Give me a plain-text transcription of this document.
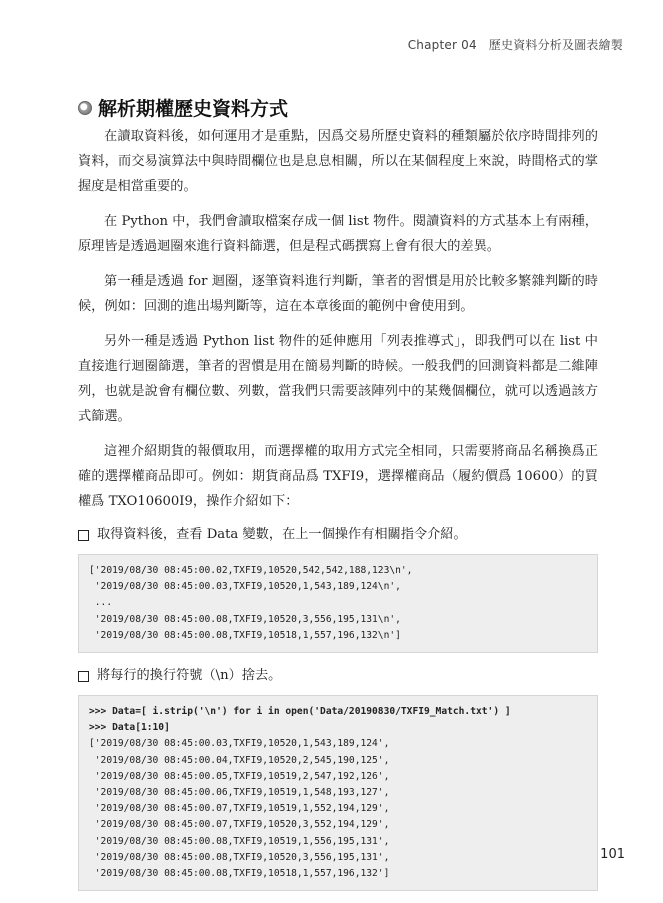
Chapter 04 歷史資料分析及圖表繪製
解析期權歷史資料方式

在讀取資料後，如何運用才是重點，因爲交易所歷史資料的種類屬於依序時間排列的資料，而交易演算法中與時間欄位也是息息相關，所以在某個程度上來說，時間格式的掌握度是相當重要的。

在 Python 中，我們會讀取檔案存成一個 list 物件。閱讀資料的方式基本上有兩種，原理皆是透過迴圈來進行資料篩選，但是程式碼撰寫上會有很大的差異。

第一種是透過 for 迴圈，逐筆資料進行判斷，筆者的習慣是用於比較多繁雜判斷的時候，例如：回測的進出場判斷等，這在本章後面的範例中會使用到。

另外一種是透過 Python list 物件的延伸應用「列表推導式」，即我們可以在 list 中直接進行迴圈篩選，筆者的習慣是用在簡易判斷的時候。一般我們的回測資料都是二維陣列，也就是說會有欄位數、列數，當我們只需要該陣列中的某幾個欄位，就可以透過該方式篩選。

這裡介紹期貨的報價取用，而選擇權的取用方式完全相同，只需要將商品名稱換爲正確的選擇權商品即可。例如：期貨商品爲 TXFI9，選擇權商品（履約價爲 10600）的買權爲 TXO10600I9，操作介紹如下：

取得資料後，查看 Data 變數，在上一個操作有相關指令介紹。
['2019/08/30 08:45:00.02,TXFI9,10520,542,542,188,123\n',
'2019/08/30 08:45:00.03,TXFI9,10520,1,543,189,124\n',
...
'2019/08/30 08:45:00.08,TXFI9,10520,3,556,195,131\n',
'2019/08/30 08:45:00.08,TXFI9,10518,1,557,196,132\n']
將每行的換行符號（\n）捨去。
>>> Data=[ i.strip('\n') for i in open('Data/20190830/TXFI9_Match.txt') ]
>>> Data[1:10]
['2019/08/30 08:45:00.03,TXFI9,10520,1,543,189,124',
'2019/08/30 08:45:00.04,TXFI9,10520,2,545,190,125',
'2019/08/30 08:45:00.05,TXFI9,10519,2,547,192,126',
'2019/08/30 08:45:00.06,TXFI9,10519,1,548,193,127',
'2019/08/30 08:45:00.07,TXFI9,10519,1,552,194,129',
'2019/08/30 08:45:00.07,TXFI9,10520,3,552,194,129',
'2019/08/30 08:45:00.08,TXFI9,10519,1,556,195,131',
'2019/08/30 08:45:00.08,TXFI9,10520,3,556,195,131',
'2019/08/30 08:45:00.08,TXFI9,10518,1,557,196,132']
101
